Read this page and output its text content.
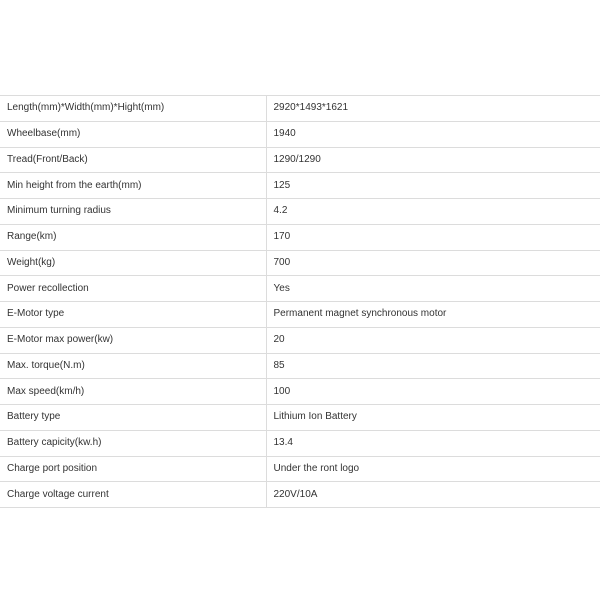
Length(mm)*Width(mm)*Hight(mm)	2920*1493*1621
Wheelbase(mm)	1940
Tread(Front/Back)	1290/1290
Min height from the earth(mm)	125
Minimum turning radius	4.2
Range(km)	170
Weight(kg)	700
Power recollection	Yes
E-Motor type	Permanent magnet synchronous motor
E-Motor max power(kw)	20
Max. torque(N.m)	85
Max speed(km/h)	100
Battery type	Lithium Ion Battery
Battery capicity(kw.h)	13.4
Charge port position	Under the ront logo
Charge voltage current	220V/10A
